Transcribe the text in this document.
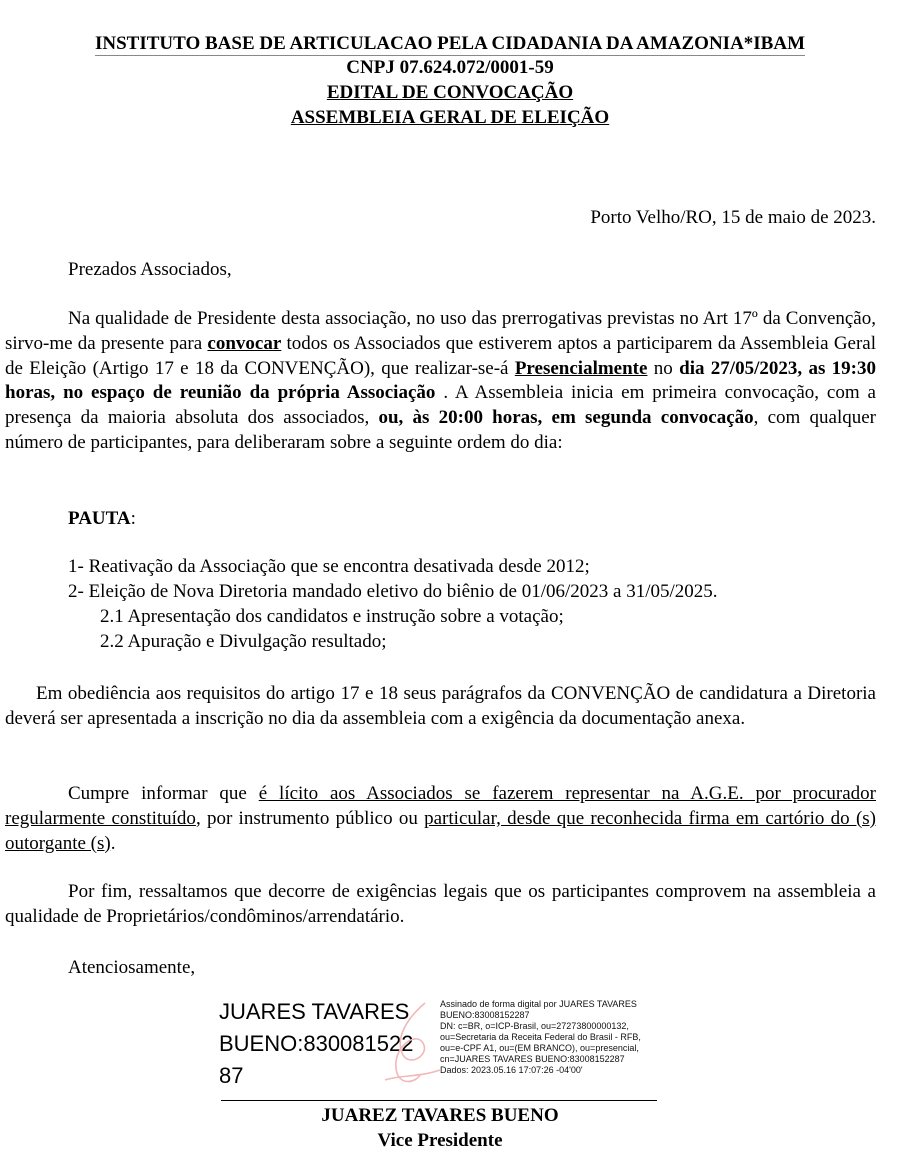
INSTITUTO BASE DE ARTICULACAO PELA CIDADANIA DA AMAZONIA*IBAM
CNPJ 07.624.072/0001-59
EDITAL DE CONVOCAÇÃO
ASSEMBLEIA GERAL DE ELEIÇÃO
Porto Velho/RO, 15 de maio de 2023.
Prezados Associados,
Na qualidade de Presidente desta associação, no uso das prerrogativas previstas no Art 17º da Convenção, sirvo-me da presente para convocar todos os Associados que estiverem aptos a participarem da Assembleia Geral de Eleição (Artigo 17 e 18 da CONVENÇÃO), que realizar-se-á Presencialmente no dia 27/05/2023, as 19:30 horas, no espaço de reunião da própria Associação . A Assembleia inicia em primeira convocação, com a presença da maioria absoluta dos associados, ou, às 20:00 horas, em segunda convocação, com qualquer número de participantes, para deliberaram sobre a seguinte ordem do dia:
PAUTA:
1- Reativação da Associação que se encontra desativada desde 2012;
2- Eleição de Nova Diretoria mandado eletivo do biênio de 01/06/2023 a 31/05/2025.
2.1 Apresentação dos candidatos e instrução sobre a votação;
2.2 Apuração e Divulgação resultado;
Em obediência aos requisitos do artigo 17 e 18 seus parágrafos da CONVENÇÃO de candidatura a Diretoria deverá ser apresentada a inscrição no dia da assembleia com a exigência da documentação anexa.
Cumpre informar que é lícito aos Associados se fazerem representar na A.G.E. por procurador regularmente constituído, por instrumento público ou particular, desde que reconhecida firma em cartório do (s) outorgante (s).
Por fim, ressaltamos que decorre de exigências legais que os participantes comprovem na assembleia a qualidade de Proprietários/condôminos/arrendatário.
Atenciosamente,
JUARES TAVARES
BUENO:830081522
87
Assinado de forma digital por JUARES TAVARES
BUENO:83008152287
DN: c=BR, o=ICP-Brasil, ou=27273800000132,
ou=Secretaria da Receita Federal do Brasil - RFB,
ou=e-CPF A1, ou=(EM BRANCO), ou=presencial,
cn=JUARES TAVARES BUENO:83008152287
Dados: 2023.05.16 17:07:26 -04'00'
JUAREZ TAVARES BUENO
Vice Presidente
